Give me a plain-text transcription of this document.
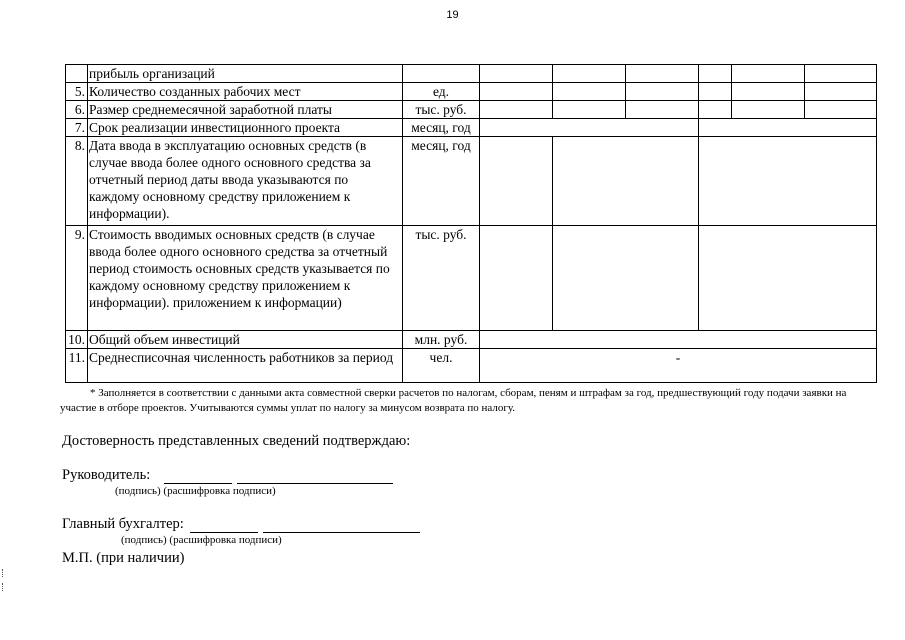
19
	прибыль организаций							
5.	Количество созданных рабочих мест	ед.						
6.	Размер среднемесячной заработной платы	тыс. руб.						
7.	Срок реализации инвестиционного проекта	месяц, год						
8.	Дата ввода в эксплуатацию основных средств (в случае ввода более одного основного средства за отчетный период даты ввода указываются по каждому основному средству приложением к информации).	месяц, год						
9.	Стоимость вводимых основных средств (в случае ввода более одного основного средства за отчетный период стоимость основных средств указывается по каждому основному средству приложением к информации). приложением к информации)	тыс. руб.						
10.	Общий объем инвестиций	млн. руб.						
11.	Среднесписочная численность работников за период	чел.	-					
* Заполняется в соответствии с данными акта совместной сверки расчетов по налогам, сборам, пеням и штрафам за год, предшествующий году подачи заявки на участие в отборе проектов. Учитываются суммы уплат по налогу за минусом возврата по налогу.
Достоверность представленных сведений подтверждаю:
Руководитель:
(подпись) (расшифровка подписи)
Главный бухгалтер:
(подпись) (расшифровка подписи)
М.П. (при наличии)
